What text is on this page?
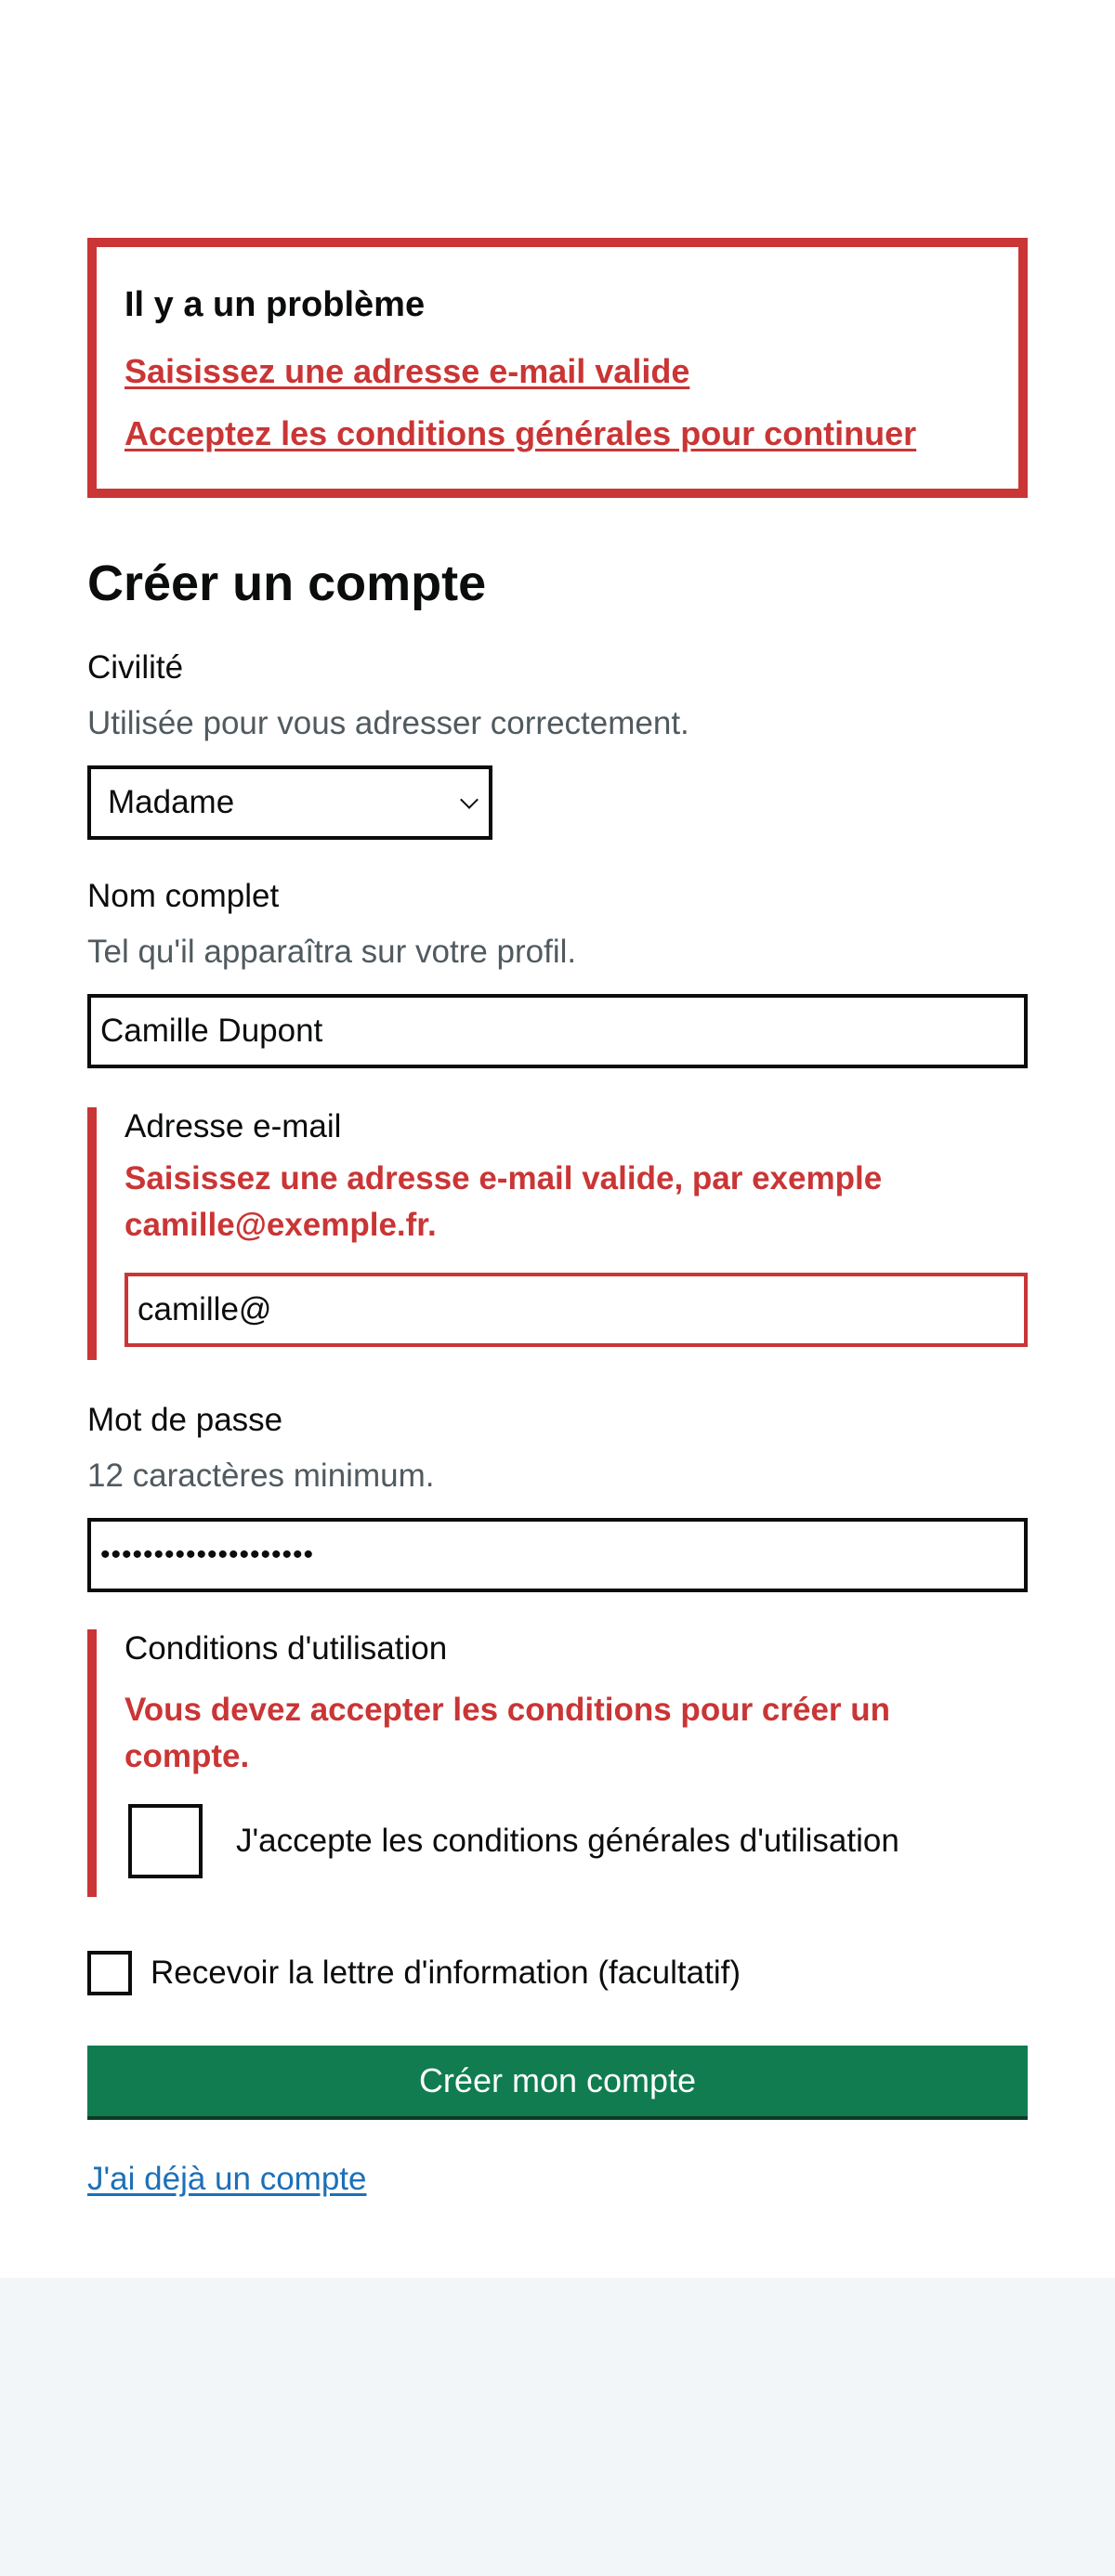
Il y a un problème
Saisissez une adresse e-mail valide
Acceptez les conditions générales pour continuer
Créer un compte
Civilité
Utilisée pour vous adresser correctement.
Madame
Nom complet
Tel qu'il apparaîtra sur votre profil.
Camille Dupont
Adresse e-mail
Saisissez une adresse e-mail valide, par exemple camille@exemple.fr.
camille@
Mot de passe
12 caractères minimum.
••••••••••••••••••••
Conditions d'utilisation
Vous devez accepter les conditions pour créer un compte.
J'accepte les conditions générales d'utilisation
Recevoir la lettre d'information (facultatif)
Créer mon compte
J'ai déjà un compte
